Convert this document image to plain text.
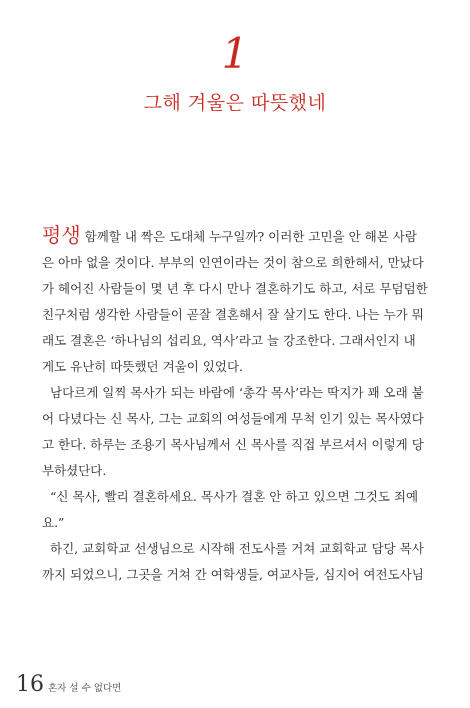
1
그해 겨울은 따뜻했네
평생 함께할 내 짝은 도대체 누구일까? 이러한 고민을 안 해본 사람
은 아마 없을 것이다. 부부의 인연이라는 것이 참으로 희한해서, 만났다
가 헤어진 사람들이 몇 년 후 다시 만나 결혼하기도 하고, 서로 무덤덤한
친구처럼 생각한 사람들이 곧잘 결혼해서 잘 살기도 한다. 나는 누가 뭐
래도 결혼은 ‘하나님의 섭리요, 역사’라고 늘 강조한다. 그래서인지 내
게도 유난히 따뜻했던 겨울이 있었다.
남다르게 일찍 목사가 되는 바람에 ‘총각 목사’라는 딱지가 꽤 오래 붙
어 다녔다는 신 목사, 그는 교회의 여성들에게 무척 인기 있는 목사였다
고 한다. 하루는 조용기 목사님께서 신 목사를 직접 부르셔서 이렇게 당
부하셨단다.
“신 목사, 빨리 결혼하세요. 목사가 결혼 안 하고 있으면 그것도 죄예
요.”
하긴, 교회학교 선생님으로 시작해 전도사를 거쳐 교회학교 담당 목사
까지 되었으니, 그곳을 거쳐 간 여학생들, 여교사들, 심지어 여전도사님
16 혼자 설 수 없다면
